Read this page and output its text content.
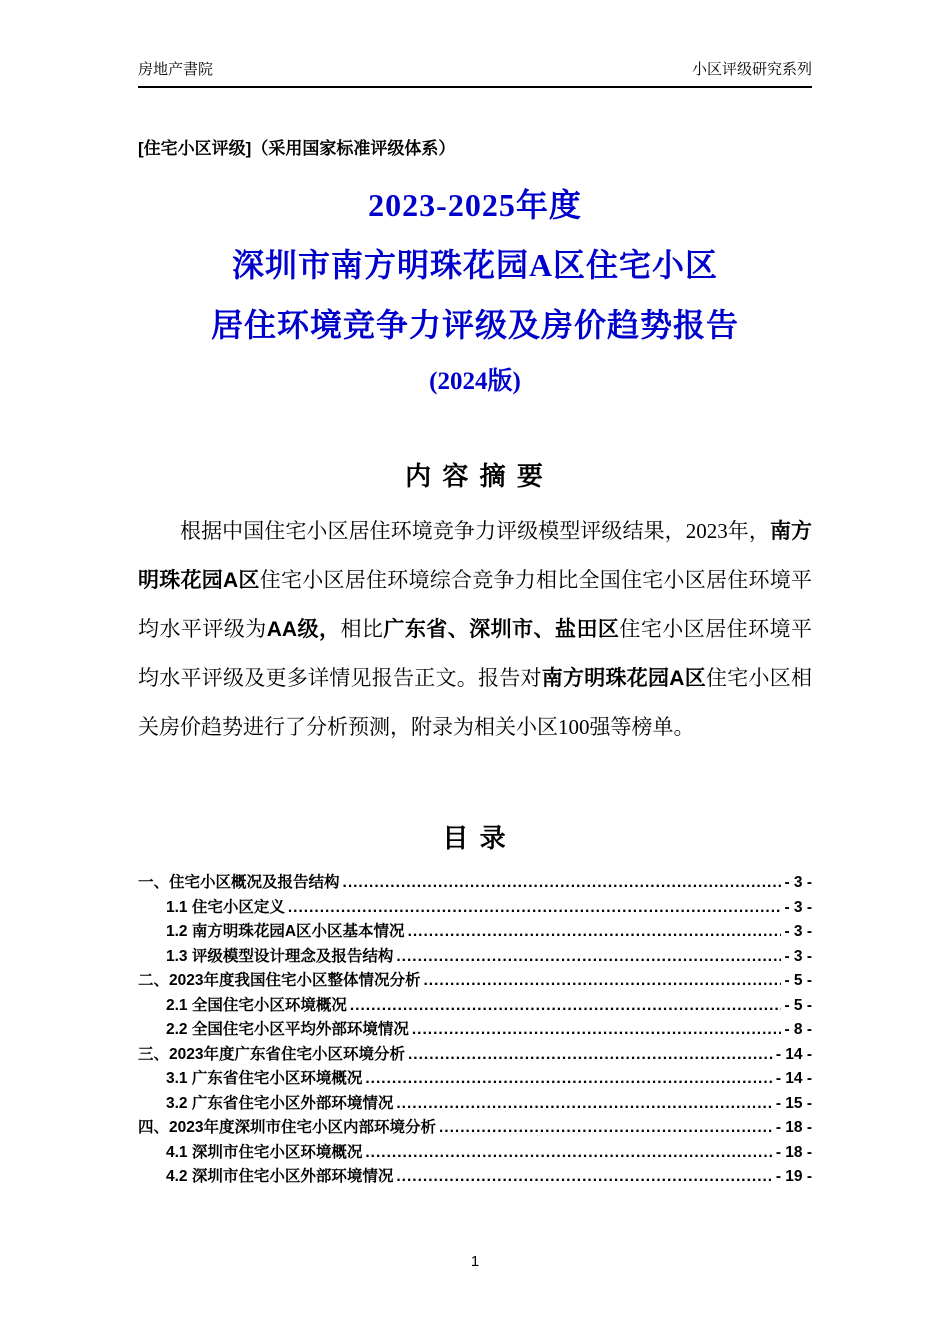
房地产書院	小区评级研究系列
[住宅小区评级]（采用国家标准评级体系）
2023-2025年度
深圳市南方明珠花园A区住宅小区
居住环境竞争力评级及房价趋势报告
(2024版)
内 容 摘 要
根据中国住宅小区居住环境竞争力评级模型评级结果，2023年，南方明珠花园A区住宅小区居住环境综合竞争力相比全国住宅小区居住环境平均水平评级为AA级，相比广东省、深圳市、盐田区住宅小区居住环境平均水平评级及更多详情见报告正文。报告对南方明珠花园A区住宅小区相关房价趋势进行了分析预测，附录为相关小区100强等榜单。
目 录
一、住宅小区概况及报告结构 .....	- 3 -
1.1 住宅小区定义 .....	- 3 -
1.2 南方明珠花园A区小区基本情况 .....	- 3 -
1.3 评级模型设计理念及报告结构 .....	- 3 -
二、2023年度我国住宅小区整体情况分析 .....	- 5 -
2.1 全国住宅小区环境概况 .....	- 5 -
2.2 全国住宅小区平均外部环境情况 .....	- 8 -
三、2023年度广东省住宅小区环境分析 .....	- 14 -
3.1 广东省住宅小区环境概况 .....	- 14 -
3.2 广东省住宅小区外部环境情况 .....	- 15 -
四、2023年度深圳市住宅小区内部环境分析 .....	- 18 -
4.1 深圳市住宅小区环境概况 .....	- 18 -
4.2 深圳市住宅小区外部环境情况 .....	- 19 -
1
